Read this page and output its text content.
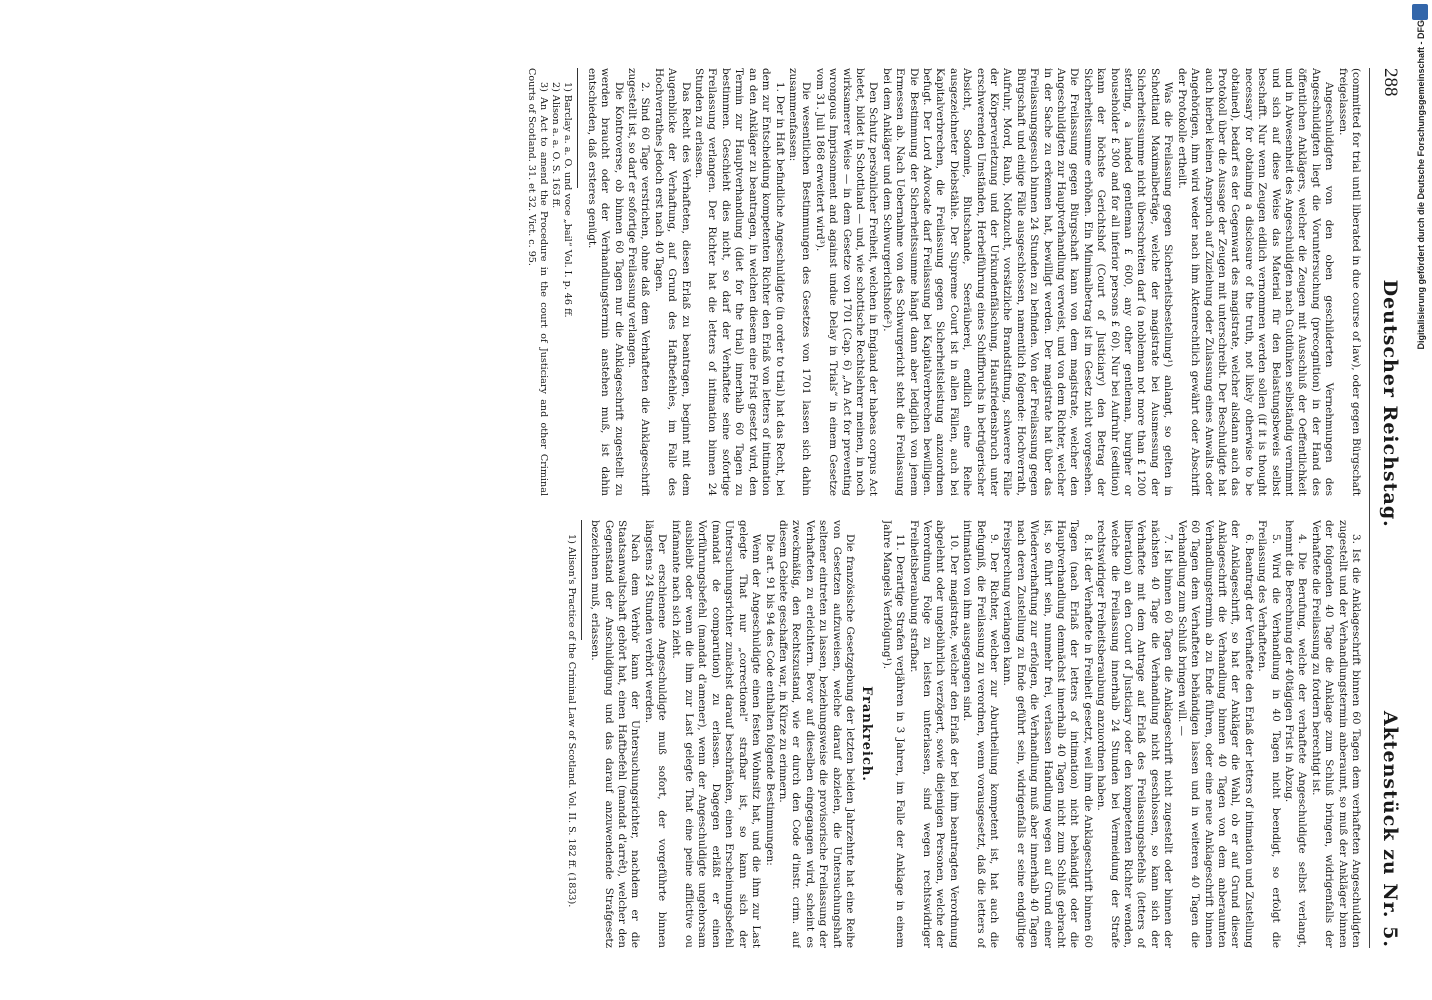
Digitalisierung gefördert durch die Deutsche Forschungsgemeinschaft - DFG
288
Deutscher Reichstag.
Aktenstück zu Nr. 5.

(committed for trial until liberated in due course of law), oder gegen Bürgschaft freigelassen.

Angeschuldigten von den oben geschilderten Vernehmungen des Angeschuldigten liegt die Voruntersuchung (precognition) in der Hand des öffentlichen Anklägers, welcher die Zeugen mit Ausschluß der Oeffentlichkeit und in Abwesenheit des Angeschuldigten nach Gutdünken selbständig vernimmt und sich auf diese Weise das Material für den Belastungsbeweis selbst beschafft. Nur wenn Zeugen eidlich vernommen werden sollen (if it is thought necessary for obtaining a disclosure of the truth, not likely otherwise to be obtained), bedarf es der Gegenwart des magistrate, welcher alsdann auch das Protokoll über die Aussage der Zeugen mit unterschreibt. Der Beschuldigte hat auch hierbei keinen Anspruch auf Zuziehung oder Zulassung eines Anwalts oder Angehörigen, ihm wird weder nach ihm Aktenrechtlich gewährt oder Abschrift der Protokolle ertheilt.

Was die Freilassung gegen Sicherheitsbestellung¹) anlangt, so gelten in Schottland Maximalbeträge, welche der magistrate bei Ausmessung der Sicherheitssumme nicht überschreiten darf (a nobleman not more than £ 1200 sterling, a landed gentleman £ 600, any other gentleman, burgher or householder £ 300 and for all inferior persons £ 60). Nur bei Aufruhr (sedition) kann der höchste Gerichtshof (Court of Justiciary) den Betrag der Sicherheitssumme erhöhen. Ein Minimalbetrag ist im Gesetz nicht vorgesehen. Die Freilassung gegen Bürgschaft kann von dem magistrate, welcher den Angeschuldigten zur Hauptverhandlung verweist, und von dem Richter, welcher in der Sache zu erkennen hat, bewilligt werden. Der magistrate hat über das Freilassungsgesuch binnen 24 Stunden zu befinden. Von der Freilassung gegen Bürgschaft und einige Fälle ausgeschlossen, namentlich folgende: Hochverrath, Aufruhr, Mord, Raub, Nothzucht, vorsätzliche Brandstiftung, schwerere Fälle der Körperverletzung und der Urkundenfälschung, Hausfriedensbruch unter erschwerenden Umständen, Herbeiführung eines Schiffbruchs in betrügerischer Absicht, Sodomie, Blutschande, Seeräuberei, endlich eine Reihe ausgezeichneter Diebstähle. Der Supreme Court ist in allen Fällen, auch bei Kapitalverbrechen, die Freilassung gegen Sicherheitsleistung anzuordnen befugt. Der Lord Advocate darf Freilassung bei Kapitalverbrechen bewilligen. Die Bestimmung der Sicherheitssumme hängt dann aber lediglich von jenem Ermessen ab. Nach Uebernahme von des Schwurgericht steht die Freilassung bei dem Ankläger und dem Schwurgerichtshofe²).

Den Schutz persönlicher Freiheit, welchen in England der habeas corpus Act bietet, bildet in Schottland — und, wie schottische Rechtslehrer meinen, in noch wirksamerer Weise — in dem Gesetze von 1701 (Cap. 6) „An Act for preventing wrongous Imprisonment and against undue Delay in Trials“ in einem Gesetze vom 31. Juli 1868 erweitert wird³).

Die wesentlichen Bestimmungen des Gesetzes von 1701 lassen sich dahin zusammenfassen:

1. Der in Haft befindliche Angeschuldigte (in order to trial) hat das Recht, bei dem zur Entscheidung kompetenten Richter den Erlaß von letters of intimation an den Ankläger zu beantragen, in welchen diesem eine Frist gesetzt wird, den Termin zur Hauptverhandlung (diet for the trial) innerhalb 60 Tagen zu bestimmen. Geschieht dies nicht, so darf der Verhaftete seine sofortige Freilassung verlangen. Der Richter hat die letters of intimation binnen 24 Stunden zu erlassen.

Das Recht des Verhafteten, diesen Erlaß zu beantragen, beginnt mit dem Augenblicke der Verhaftung, auf Grund des Haftbefehles, im Falle des Hochverrathes jedoch erst nach 40 Tagen.

2. Sind 60 Tage verstrichen, ohne daß dem Verhafteten die Anklageschrift zugestellt ist, so darf er sofortige Freilassung verlangen.

Die Kontroverse, ob binnen 60 Tagen nur die Anklageschrift zugestellt zu werden braucht oder der Verhandlungstermin anstehen muß, ist dahin entschieden, daß ersteres genügt.

1) Barclay a. a. O. und voce „bail“ Vol. I. p. 46 ff.

2) Alison a. a. O. S. 163 ff.

3) An Act to amend the Procedure in the court of Justiciary and other Criminal Courts of Scotland. 31. et 32. Vict. c. 95.

3. Ist die Anklageschrift binnen 60 Tagen dem verhafteten Angeschuldigten zugestellt und der Verhandlungstermin anberaumt, so muß der Ankläger binnen der folgenden 40 Tage die Anklage zum Schluß bringen, widrigenfalls der Verhaftete die Freilassung zu fordern berechtigt ist.

4. Die Berufung, welche der verhaftete Angeschuldigte selbst verlangt, hemmt die Berechnung der 40tägigen Frist in Abzug.

5. Wird die Verhandlung in 40 Tagen nicht beendigt, so erfolgt die Freilassung des Verhafteten.

6. Beantragt der Verhaftete den Erlaß der letters of intimation und Zustellung der Anklageschrift, so hat der Ankläger die Wahl, ob er auf Grund dieser Anklageschrift die Verhandlung binnen 40 Tagen von dem anberaumten Verhandlungstermin ab zu Ende führen, oder eine neue Anklageschrift binnen 60 Tagen dem Verhafteten behändigen lassen und in weiteren 40 Tagen die Verhandlung zum Schluß bringen will. —

7. Ist binnen 60 Tagen die Anklageschrift nicht zugestellt oder binnen der nächsten 40 Tage die Verhandlung nicht geschlossen, so kann sich der Verhaftete mit dem Antrage auf Erlaß des Freilassungsbefehls (letters of liberation) an den Court of Justiciary oder den kompetenten Richter wenden, welche die Freilassung innerhalb 24 Stunden bei Vermeidung der Strafe rechtswidriger Freiheitsberaubung anzuordnen haben.

8. Ist der Verhaftete in Freiheit gesetzt, weil ihm die Anklageschrift binnen 60 Tagen (nach Erlaß der letters of intimation) nicht behändigt oder die Hauptverhandlung demnächst innerhalb 40 Tagen nicht zum Schluß gebracht ist, so führt sein, nunmehr frei, verlassen Handlung wegen auf Grund einer Wiederverhaftung zur erfolgen, die Verhandlung muß aber innerhalb 40 Tagen nach deren Zustellung zu Ende geführt sein, widrigenfalls er seine endgültige Freisprechung verlangen kann.

9. Der Richter, welcher zur Aburtheilung kompetent ist, hat auch die Befugniß, die Freilassung zu verordnen, wenn vorausgesetzt, daß die letters of intimation von ihm ausgegangen sind.

10. Der magistrate, welcher den Erlaß der bei ihm beantragten Verordnung abgelehnt oder ungebührlich verzögert, sowie diejenigen Personen, welche der Verordnung Folge zu leisten unterlassen, sind wegen rechtswidriger Freiheitsberaubung strafbar.

11. Derartige Strafen verjähren in 3 Jahren, im Falle der Anklage in einem Jahre Mangels Verfolgung¹).

Frankreich.

Die französische Gesetzgebung der letzten beiden Jahrzehnte hat eine Reihe von Gesetzen aufzuweisen, welche darauf abzielen, die Untersuchungshaft seltener eintreten zu lassen, beziehungsweise die provisorische Freilassung der Verhafteten zu erleichtern. Bevor auf dieselben eingegangen wird, scheint es zweckmäßig, den Rechtszustand, wie er durch den Code d'instr. crim. auf diesem Gebiete geschaffen war, in Kürze zu erinnern.

Die art. 91 bis 94 des Code enthalten folgende Bestimmungen:

Wenn der Angeschuldigte einen festen Wohnsitz hat, und die ihm zur Last gelegte That nur „correctionel“ strafbar ist, so kann sich der Untersuchungsrichter zunächst darauf beschränken, einen Erscheinungsbefehl (mandat de comparution) zu erlassen. Dagegen erläßt er einen Vorführungsbefehl (mandat d'amener), wenn der Angeschuldigte ungehorsam ausbleibt oder wenn die ihm zur Last gelegte That eine peine afflictive ou infamante nach sich zieht.

Der erschienene Angeschuldigte muß sofort, der vorgeführte binnen längstens 24 Stunden verhört werden.

Nach dem Verhör kann der Untersuchungsrichter, nachdem er die Staatsanwaltschaft gehört hat, einen Haftbefehl (mandat d'arrêt), welcher den Gegenstand der Anschuldigung und das darauf anzuwendende Strafgesetz bezeichnen muß, erlassen.

1) Alison's Practice of the Criminal Law of Scotland. Vol. II. S. 182 ff. (1833).
